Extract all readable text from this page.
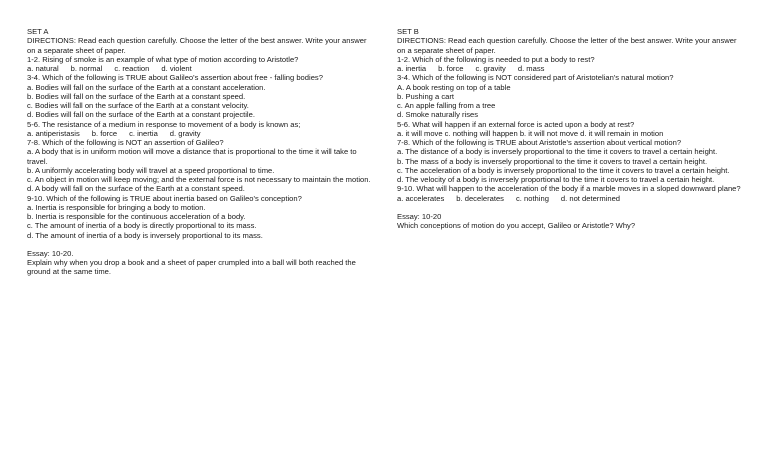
SET A
DIRECTIONS: Read each question carefully. Choose the letter of the best answer. Write your answer on a separate sheet of paper.
1-2. Rising of smoke is an example of what type of motion according to Aristotle?
a. natural b. normal c. reaction d. violent
3-4. Which of the following is TRUE about Galileo's assertion about free - falling bodies?
a. Bodies will fall on the surface of the Earth at a constant acceleration.
b. Bodies will fall on the surface of the Earth at a constant speed.
c. Bodies will fall on the surface of the Earth at a constant velocity.
d. Bodies will fall on the surface of the Earth at a constant projectile.
5-6. The resistance of a medium in response to movement of a body is known as;
a. antiperistasis b. force c. inertia d. gravity
7-8. Which of the following is NOT an assertion of Galileo?
a. A body that is in uniform motion will move a distance that is proportional to the time it will take to travel.
b. A uniformly accelerating body will travel at a speed proportional to time.
c. An object in motion will keep moving; and the external force is not necessary to maintain the motion.
d. A body will fall on the surface of the Earth at a constant speed.
9-10. Which of the following is TRUE about inertia based on Galileo's conception?
a. Inertia is responsible for bringing a body to motion.
b. Inertia is responsible for the continuous acceleration of a body.
c. The amount of inertia of a body is directly proportional to its mass.
d. The amount of inertia of a body is inversely proportional to its mass.
Essay: 10-20.
Explain why when you drop a book and a sheet of paper crumpled into a ball will both reached the ground at the same time.
SET B
DIRECTIONS: Read each question carefully. Choose the letter of the best answer. Write your answer on a separate sheet of paper.
1-2. Which of the following is needed to put a body to rest?
a. inertia b. force c. gravity d. mass
3-4. Which of the following is NOT considered part of Aristotelian's natural motion?
A. A book resting on top of a table
b. Pushing a cart
c. An apple falling from a tree
d. Smoke naturally rises
5-6. What will happen if an external force is acted upon a body at rest?
a. it will move c. nothing will happen b. it will not move d. it will remain in motion
7-8. Which of the following is TRUE about Aristotle's assertion about vertical motion?
a. The distance of a body is inversely proportional to the time it covers to travel a certain height.
b. The mass of a body is inversely proportional to the time it covers to travel a certain height.
c. The acceleration of a body is inversely proportional to the time it covers to travel a certain height.
d. The velocity of a body is inversely proportional to the time it covers to travel a certain height.
9-10. What will happen to the acceleration of the body if a marble moves in a sloped downward plane?
a. accelerates b. decelerates c. nothing d. not determined
Essay: 10-20
Which conceptions of motion do you accept, Galileo or Aristotle? Why?
